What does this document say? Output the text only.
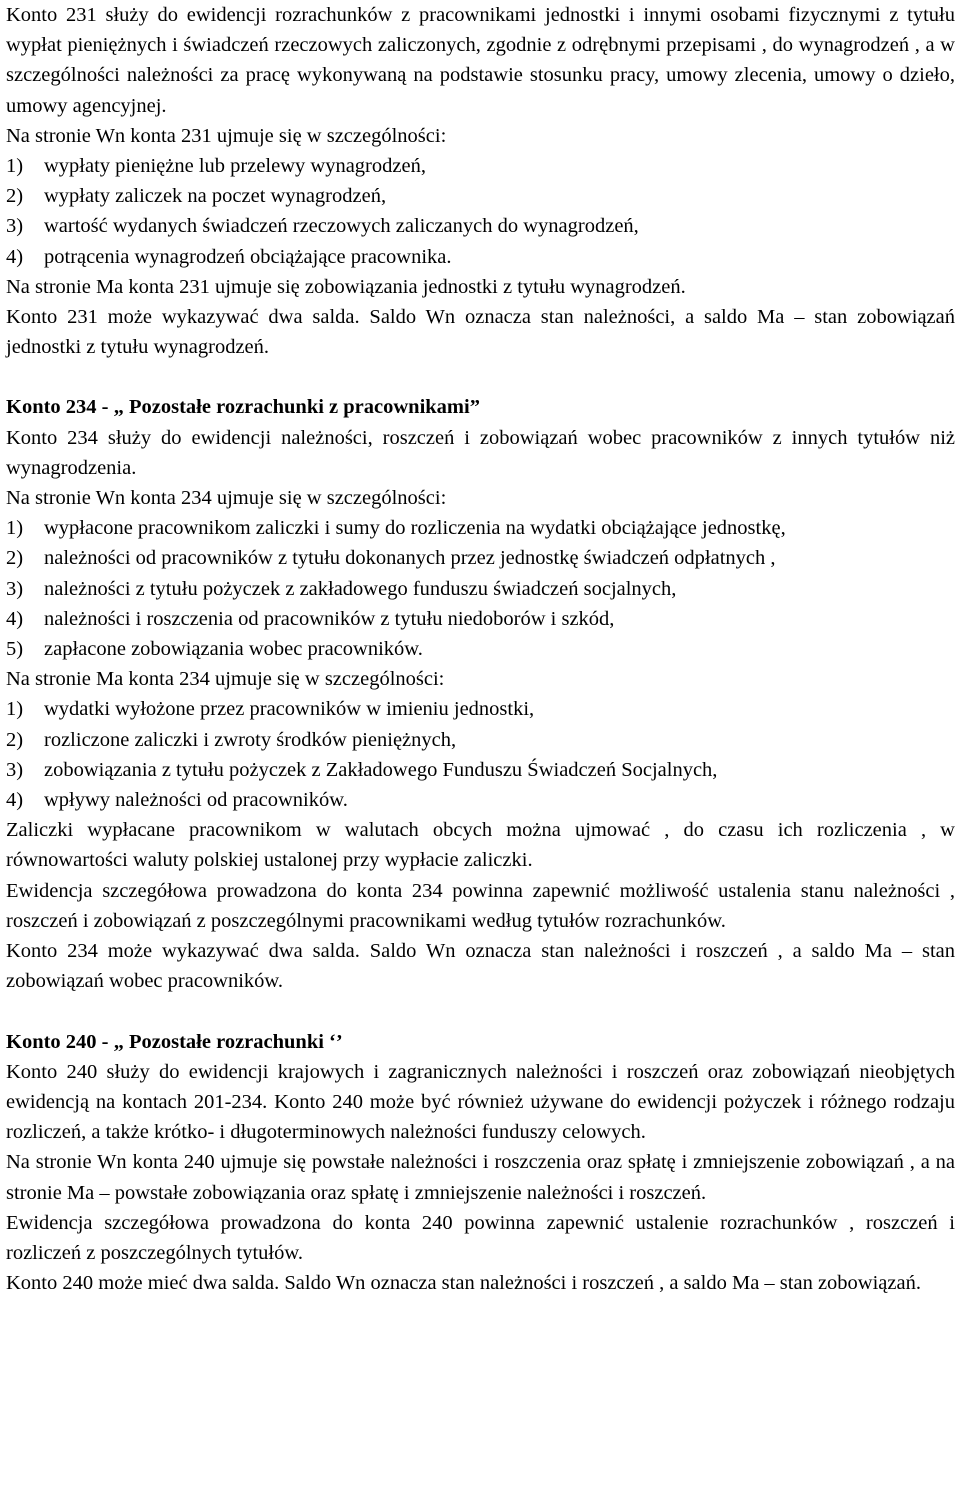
Konto 231 służy do ewidencji rozrachunków z pracownikami jednostki i innymi osobami fizycznymi z tytułu wypłat pieniężnych i świadczeń rzeczowych zaliczonych, zgodnie z odrębnymi przepisami , do wynagrodzeń , a w szczególności należności za pracę wykonywaną na podstawie stosunku pracy, umowy zlecenia, umowy o dzieło, umowy agencyjnej.

Na stronie Wn konta 231 ujmuje się w szczególności:

1)	wypłaty pieniężne lub przelewy wynagrodzeń,
2)	wypłaty zaliczek na poczet wynagrodzeń,
3)	wartość wydanych świadczeń rzeczowych zaliczanych do wynagrodzeń,
4)	potrącenia wynagrodzeń obciążające pracownika.

Na stronie Ma konta 231 ujmuje się zobowiązania jednostki z tytułu wynagrodzeń.

Konto 231 może wykazywać dwa salda. Saldo Wn oznacza stan należności, a saldo Ma – stan zobowiązań jednostki z tytułu wynagrodzeń.

Konto 234 - „ Pozostałe rozrachunki z pracownikami”

Konto 234 służy do ewidencji należności, roszczeń i zobowiązań wobec pracowników z innych tytułów niż wynagrodzenia.

Na stronie Wn konta 234 ujmuje się w szczególności:

1)	wypłacone pracownikom zaliczki i sumy do rozliczenia na wydatki obciążające jednostkę,
2)	należności od pracowników z tytułu dokonanych przez jednostkę świadczeń odpłatnych ,
3)	należności z tytułu pożyczek z zakładowego funduszu świadczeń socjalnych,
4)	należności i roszczenia od pracowników z tytułu niedoborów i szkód,
5)	zapłacone zobowiązania wobec pracowników.

Na stronie Ma konta 234 ujmuje się w szczególności:

1)	wydatki wyłożone przez pracowników w imieniu jednostki,
2)	rozliczone zaliczki i zwroty środków pieniężnych,
3)	zobowiązania z tytułu pożyczek z Zakładowego Funduszu Świadczeń Socjalnych,
4)	wpływy należności od pracowników.

Zaliczki wypłacane pracownikom w walutach obcych można ujmować , do czasu ich rozliczenia , w równowartości waluty polskiej ustalonej przy wypłacie zaliczki.

Ewidencja szczegółowa prowadzona do konta 234 powinna zapewnić możliwość ustalenia stanu należności , roszczeń i zobowiązań z poszczególnymi pracownikami według tytułów rozrachunków.

Konto 234 może wykazywać dwa salda. Saldo Wn oznacza stan należności i roszczeń , a saldo Ma – stan zobowiązań wobec pracowników.

Konto 240 - „ Pozostałe rozrachunki ‘’

Konto 240 służy do ewidencji krajowych i zagranicznych należności i roszczeń oraz zobowiązań nieobjętych ewidencją na kontach 201-234. Konto 240 może być również używane do ewidencji pożyczek i różnego rodzaju rozliczeń, a także krótko- i długoterminowych należności funduszy celowych.

Na stronie Wn konta 240 ujmuje się powstałe należności i roszczenia oraz spłatę i zmniejszenie zobowiązań , a na stronie Ma – powstałe zobowiązania oraz spłatę i zmniejszenie należności i roszczeń.

Ewidencja szczegółowa prowadzona do konta 240 powinna zapewnić ustalenie rozrachunków , roszczeń i rozliczeń z poszczególnych tytułów.

Konto 240 może mieć dwa salda. Saldo Wn oznacza stan należności i roszczeń , a saldo Ma – stan zobowiązań.
